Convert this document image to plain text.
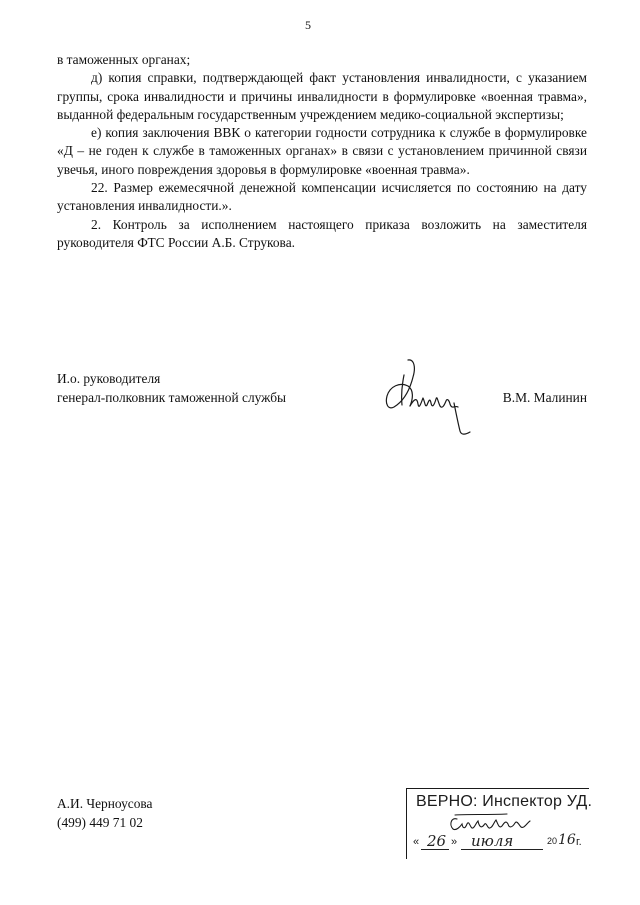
5

в таможенных органах;

д) копия справки, подтверждающей факт установления инвалидности, с указанием группы, срока инвалидности и причины инвалидности в формулировке «военная травма», выданной федеральным государственным учреждением медико-социальной экспертизы;

е) копия заключения ВВК о категории годности сотрудника к службе в формулировке «Д – не годен к службе в таможенных органах» в связи с установлением причинной связи увечья, иного повреждения здоровья в формулировке «военная травма».

22. Размер ежемесячной денежной компенсации исчисляется по состоянию на дату установления инвалидности.».

2. Контроль за исполнением настоящего приказа возложить на заместителя руководителя ФТС России А.Б. Струкова.

И.о. руководителя
генерал-полковник таможенной службы	В.М. Малинин
А.И. Черноусова
(499) 449 71 02
ВЕРНО: Инспектор УД.
« 26 » июля	20 16 г.
